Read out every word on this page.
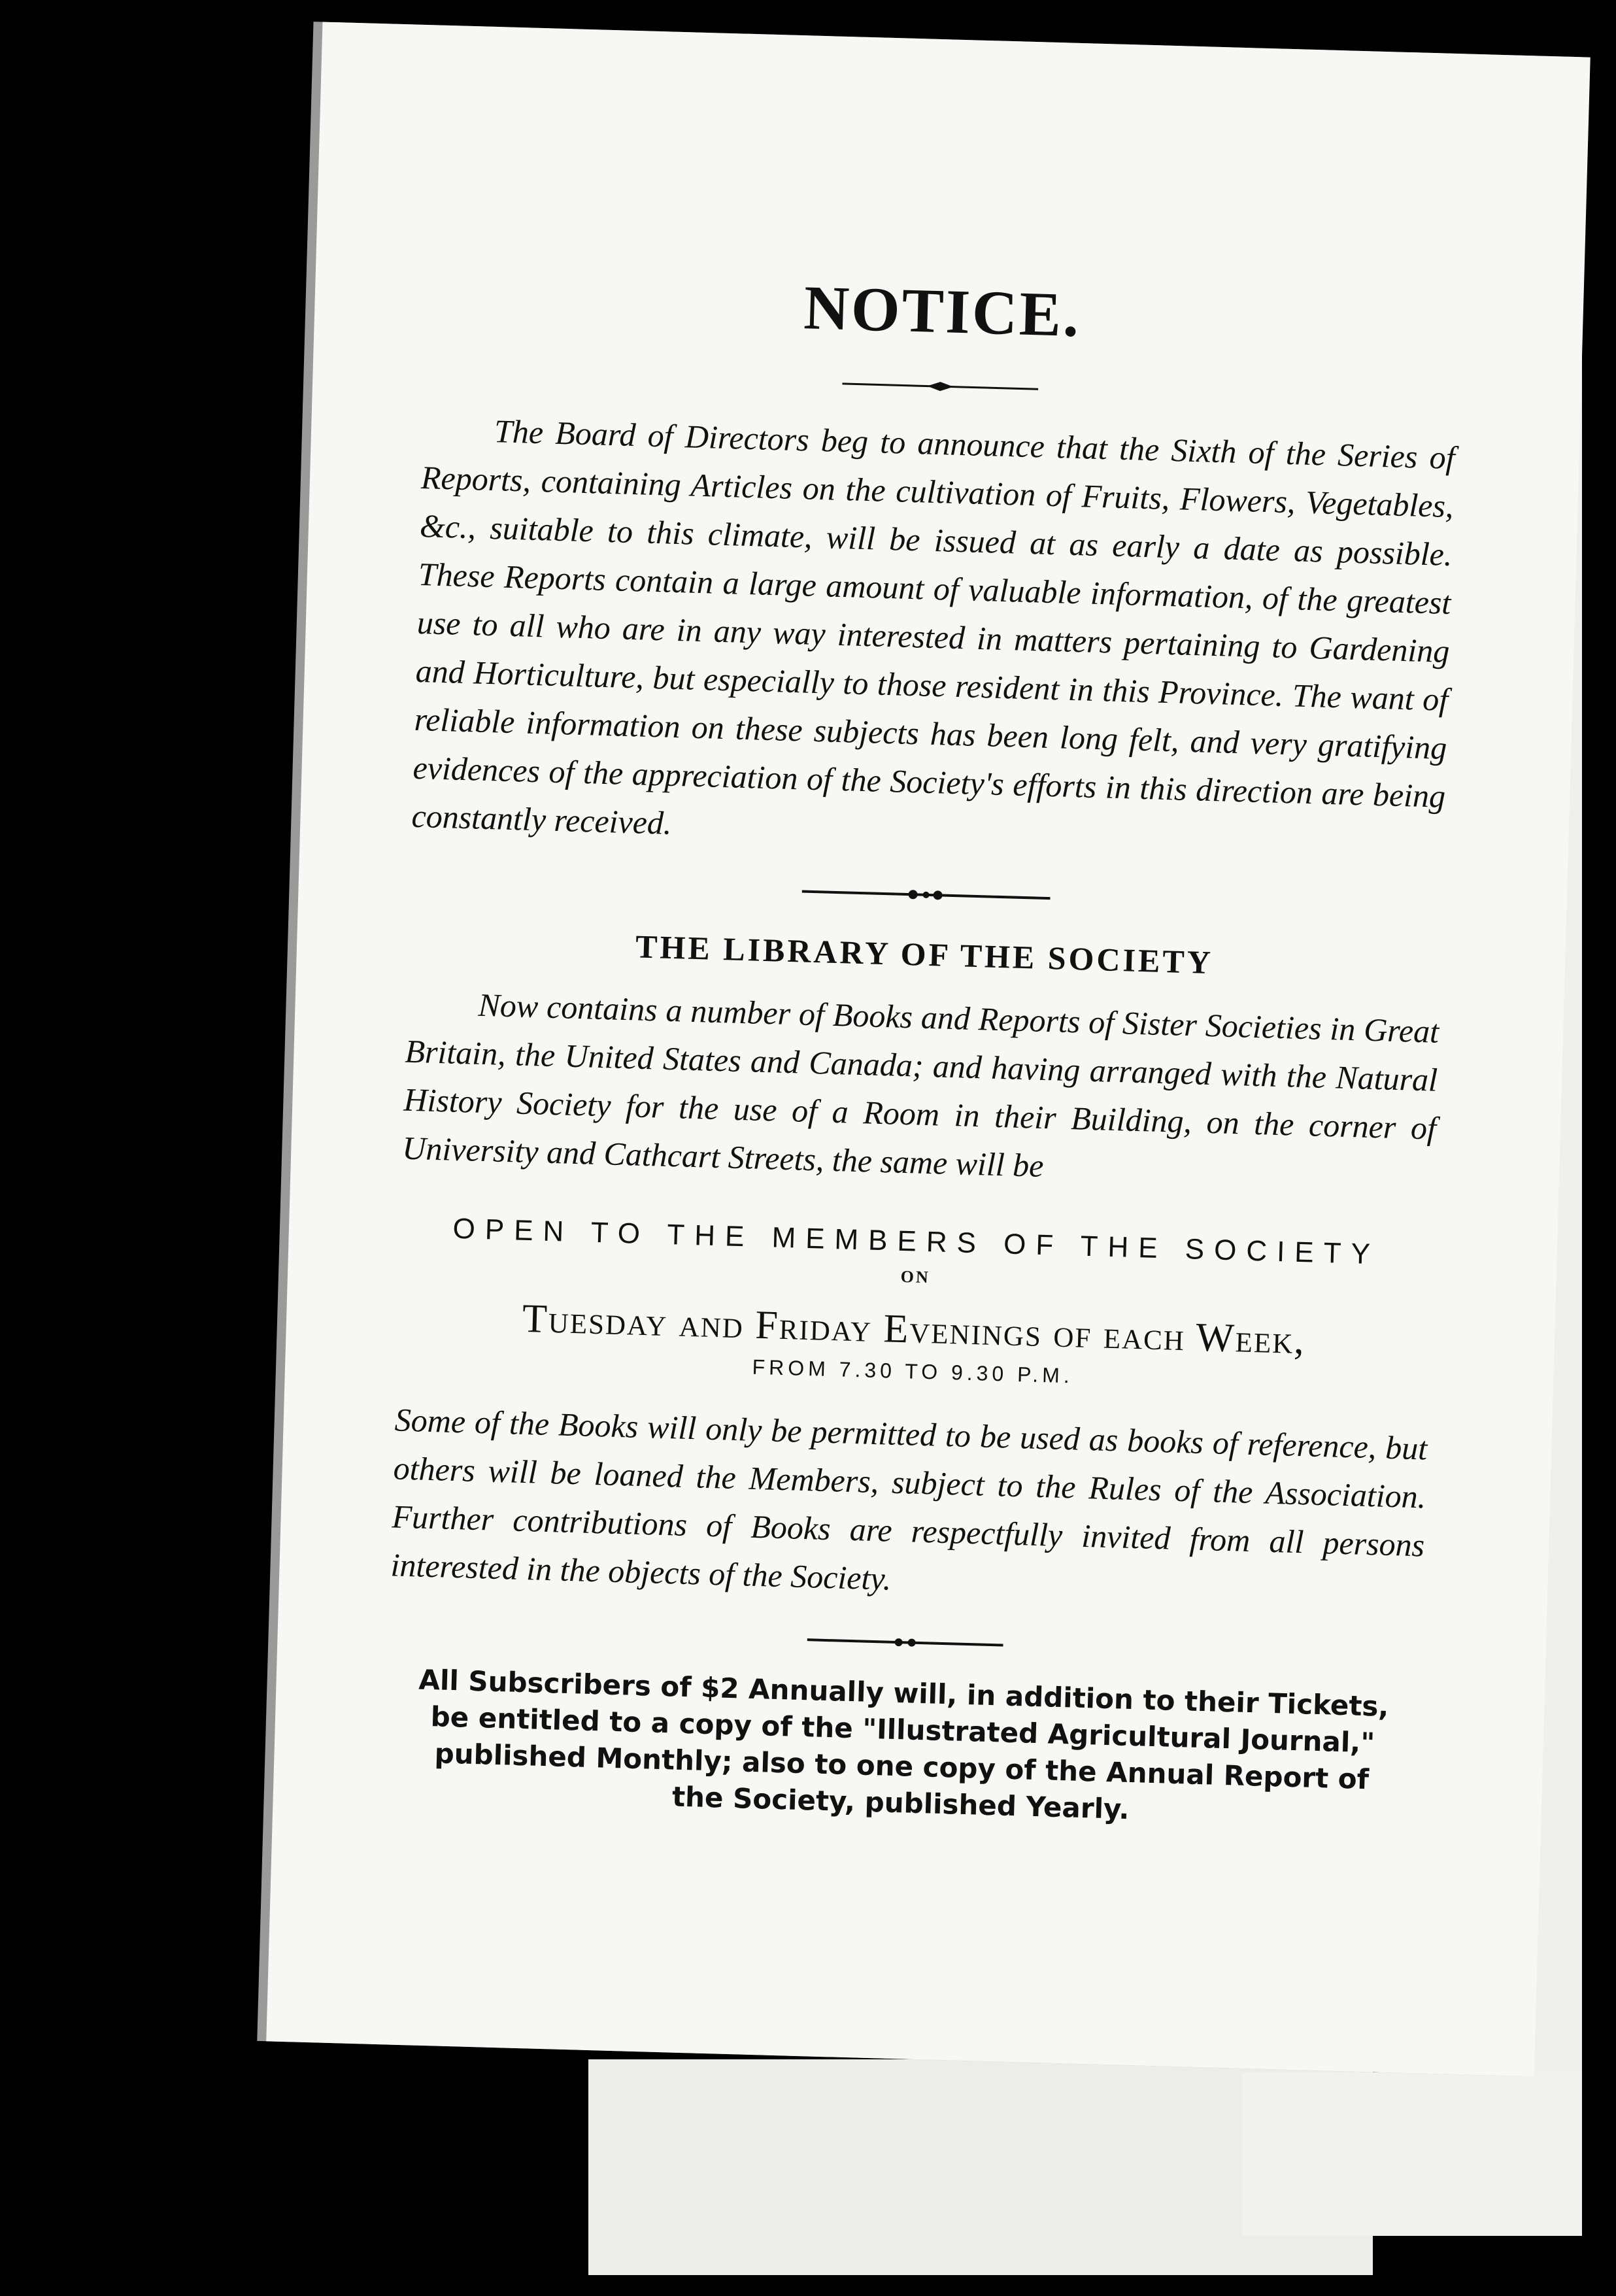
NOTICE.

The Board of Directors beg to announce that the Sixth of the Series of Reports, containing Articles on the cultivation of Fruits, Flowers, Vegetables, &c., suitable to this climate, will be issued at as early a date as possible. These Reports contain a large amount of valuable information, of the greatest use to all who are in any way interested in matters pertaining to Gardening and Horticulture, but especially to those resident in this Province. The want of reliable information on these subjects has been long felt, and very gratifying evidences of the appreciation of the Society's efforts in this direction are being constantly received.

THE LIBRARY OF THE SOCIETY

Now contains a number of Books and Reports of Sister Societies in Great Britain, the United States and Canada; and having arranged with the Natural History Society for the use of a Room in their Building, on the corner of University and Cathcart Streets, the same will be

OPEN TO THE MEMBERS OF THE SOCIETY
ON
Tuesday and Friday Evenings of each Week,
FROM 7.30 TO 9.30 P.M.

Some of the Books will only be permitted to be used as books of reference, but others will be loaned the Members, subject to the Rules of the Association. Further contributions of Books are respectfully invited from all persons interested in the objects of the Society.

All Subscribers of $2 Annually will, in addition to their Tickets, be entitled to a copy of the "Illustrated Agricultural Journal," published Monthly; also to one copy of the Annual Report of the Society, published Yearly.
